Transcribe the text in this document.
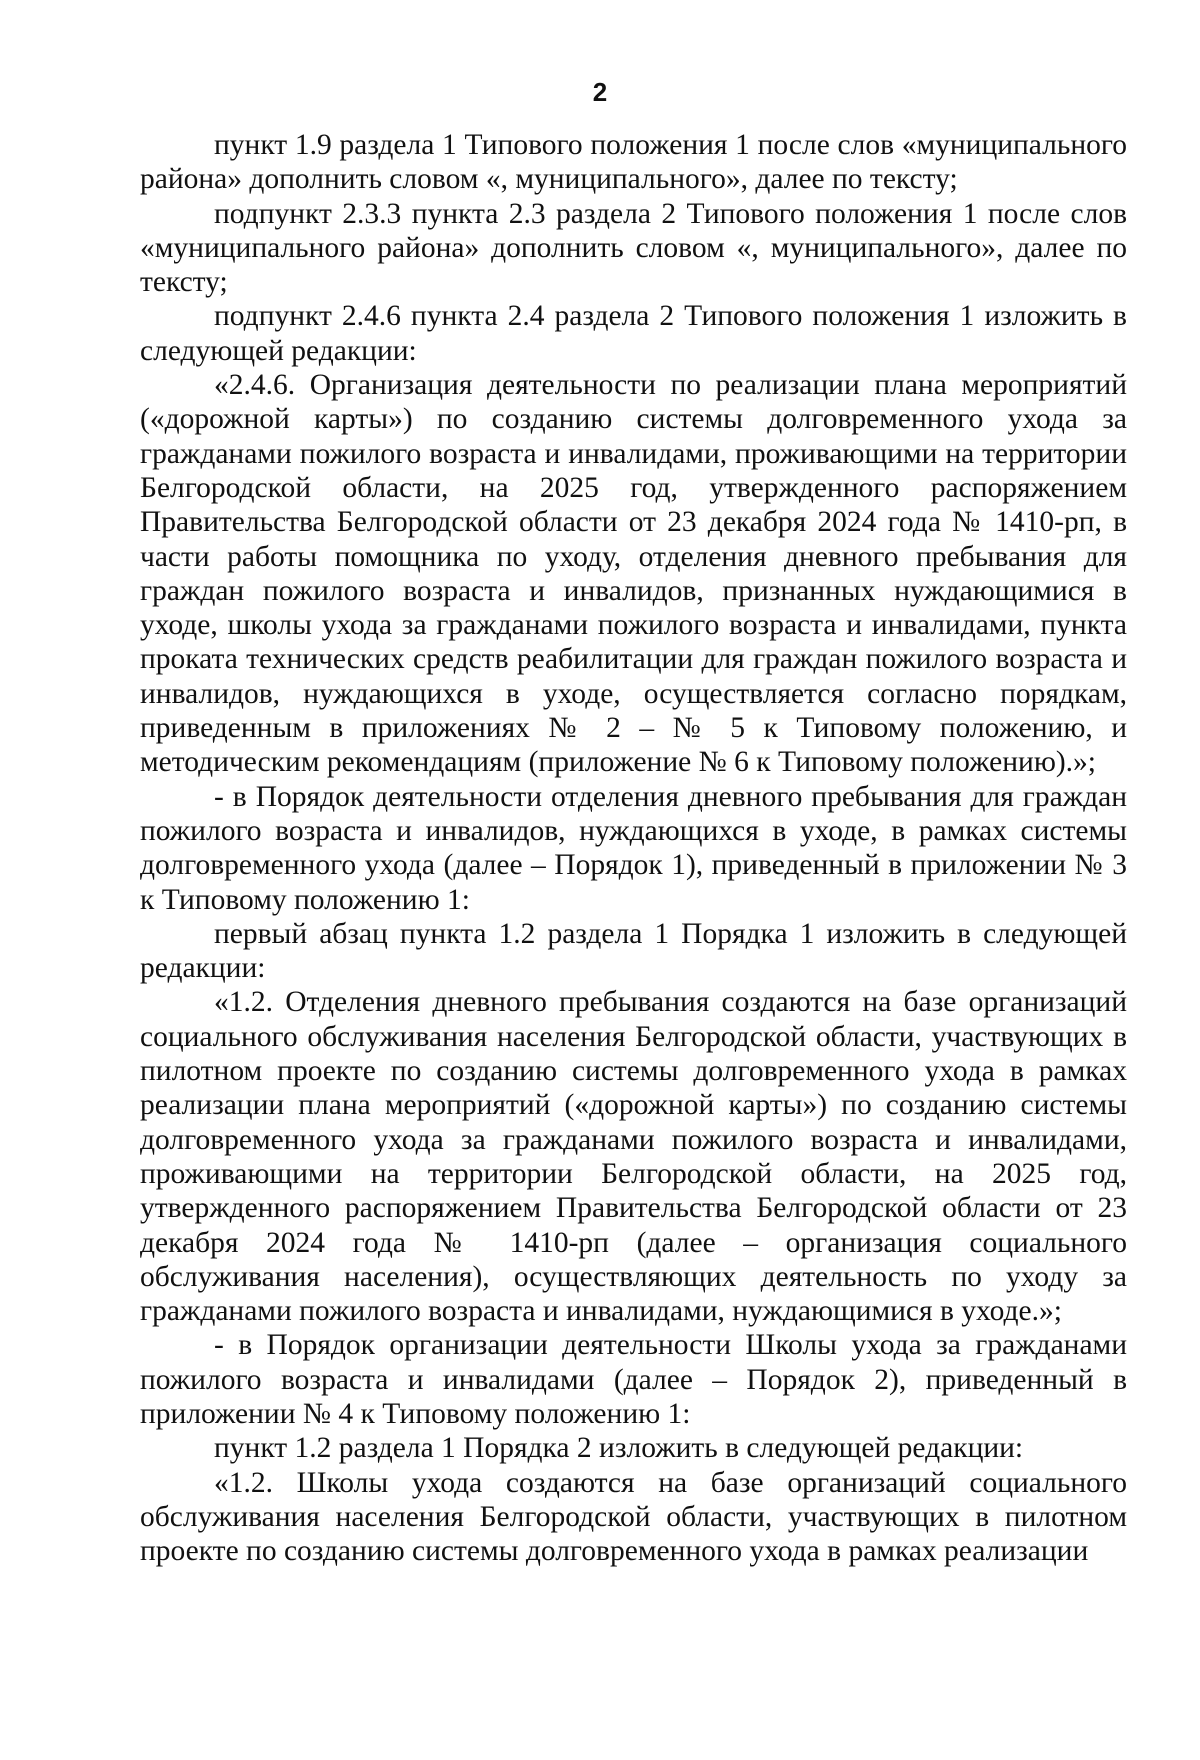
2

пункт 1.9 раздела 1 Типового положения 1 после слов «муниципального района» дополнить словом «, муниципального», далее по тексту;

подпункт 2.3.3 пункта 2.3 раздела 2 Типового положения 1 после слов «муниципального района» дополнить словом «, муниципального», далее по тексту;

подпункт 2.4.6 пункта 2.4 раздела 2 Типового положения 1 изложить в следующей редакции:

«2.4.6. Организация деятельности по реализации плана мероприятий («дорожной карты») по созданию системы долговременного ухода за гражданами пожилого возраста и инвалидами, проживающими на территории Белгородской области, на 2025 год, утвержденного распоряжением Правительства Белгородской области от 23 декабря 2024 года № 1410-рп, в части работы помощника по уходу, отделения дневного пребывания для граждан пожилого возраста и инвалидов, признанных нуждающимися в уходе, школы ухода за гражданами пожилого возраста и инвалидами, пункта проката технических средств реабилитации для граждан пожилого возраста и инвалидов, нуждающихся в уходе, осуществляется согласно порядкам, приведенным в приложениях № 2 – № 5 к Типовому положению, и методическим рекомендациям (приложение № 6 к Типовому положению).»;

- в Порядок деятельности отделения дневного пребывания для граждан пожилого возраста и инвалидов, нуждающихся в уходе, в рамках системы долговременного ухода (далее – Порядок 1), приведенный в приложении № 3 к Типовому положению 1:

первый абзац пункта 1.2 раздела 1 Порядка 1 изложить в следующей редакции:

«1.2. Отделения дневного пребывания создаются на базе организаций социального обслуживания населения Белгородской области, участвующих в пилотном проекте по созданию системы долговременного ухода в рамках реализации плана мероприятий («дорожной карты») по созданию системы долговременного ухода за гражданами пожилого возраста и инвалидами, проживающими на территории Белгородской области, на 2025 год, утвержденного распоряжением Правительства Белгородской области от 23 декабря 2024 года № 1410-рп (далее – организация социального обслуживания населения), осуществляющих деятельность по уходу за гражданами пожилого возраста и инвалидами, нуждающимися в уходе.»;

- в Порядок организации деятельности Школы ухода за гражданами пожилого возраста и инвалидами (далее – Порядок 2), приведенный в приложении № 4 к Типовому положению 1:

пункт 1.2 раздела 1 Порядка 2 изложить в следующей редакции:

«1.2. Школы ухода создаются на базе организаций социального обслуживания населения Белгородской области, участвующих в пилотном проекте по созданию системы долговременного ухода в рамках реализации
